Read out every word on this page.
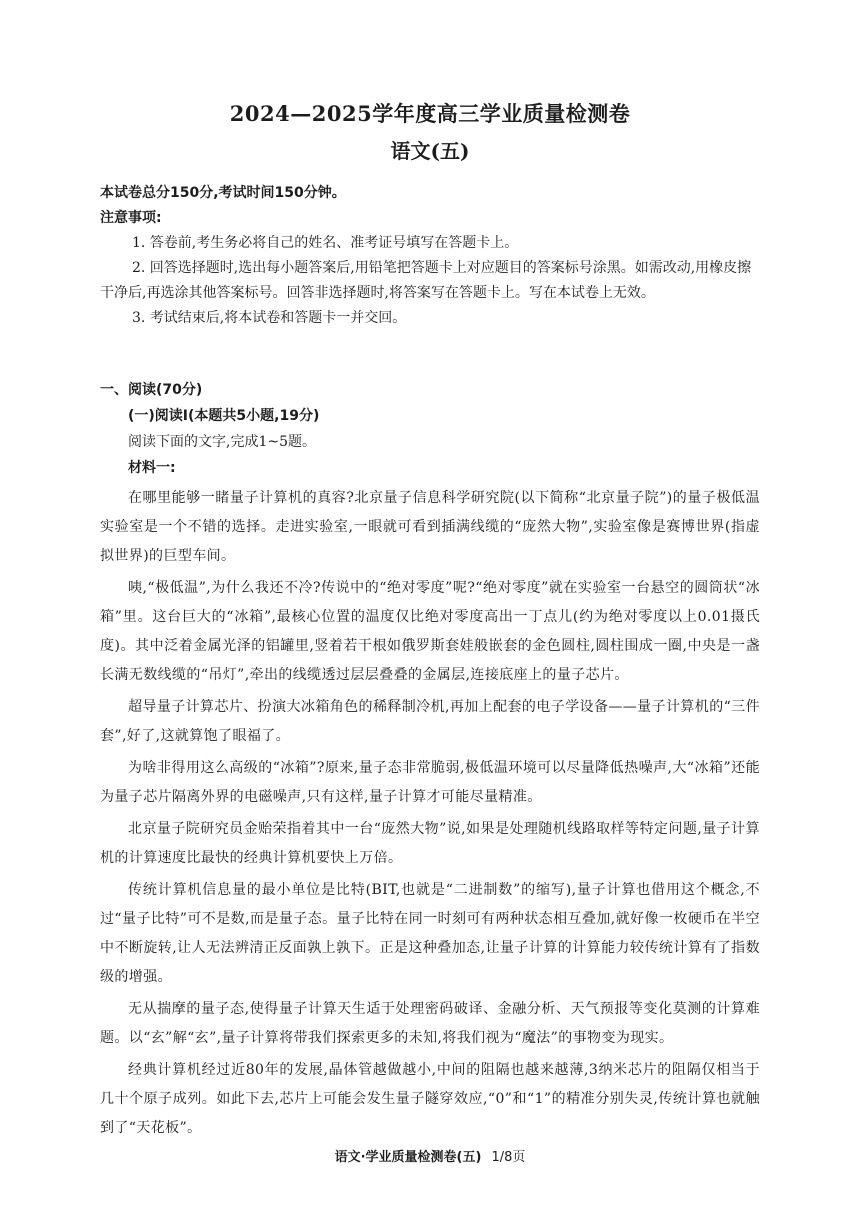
2024—2025学年度高三学业质量检测卷
语文(五)

本试卷总分150分,考试时间150分钟。

注意事项:

1. 答卷前,考生务必将自己的姓名、准考证号填写在答题卡上。

2. 回答选择题时,选出每小题答案后,用铅笔把答题卡上对应题目的答案标号涂黑。如需改动,用橡皮擦干净后,再选涂其他答案标号。回答非选择题时,将答案写在答题卡上。写在本试卷上无效。

3. 考试结束后,将本试卷和答题卡一并交回。

一、阅读(70分)

(一)阅读Ⅰ(本题共5小题,19分)

阅读下面的文字,完成1~5题。

材料一:

在哪里能够一睹量子计算机的真容?北京量子信息科学研究院(以下简称“北京量子院”)的量子极低温实验室是一个不错的选择。走进实验室,一眼就可看到插满线缆的“庞然大物”,实验室像是赛博世界(指虚拟世界)的巨型车间。

咦,“极低温”,为什么我还不冷?传说中的“绝对零度”呢?“绝对零度”就在实验室一台悬空的圆筒状“冰箱”里。这台巨大的“冰箱”,最核心位置的温度仅比绝对零度高出一丁点儿(约为绝对零度以上0.01摄氏度)。其中泛着金属光泽的铝罐里,竖着若干根如俄罗斯套娃般嵌套的金色圆柱,圆柱围成一圈,中央是一盏长满无数线缆的“吊灯”,牵出的线缆透过层层叠叠的金属层,连接底座上的量子芯片。

超导量子计算芯片、扮演大冰箱角色的稀释制冷机,再加上配套的电子学设备——量子计算机的“三件套”,好了,这就算饱了眼福了。

为啥非得用这么高级的“冰箱”?原来,量子态非常脆弱,极低温环境可以尽量降低热噪声,大“冰箱”还能为量子芯片隔离外界的电磁噪声,只有这样,量子计算才可能尽量精准。

北京量子院研究员金贻荣指着其中一台“庞然大物”说,如果是处理随机线路取样等特定问题,量子计算机的计算速度比最快的经典计算机要快上万倍。

传统计算机信息量的最小单位是比特(BIT,也就是“二进制数”的缩写),量子计算也借用这个概念,不过“量子比特”可不是数,而是量子态。量子比特在同一时刻可有两种状态相互叠加,就好像一枚硬币在半空中不断旋转,让人无法辨清正反面孰上孰下。正是这种叠加态,让量子计算的计算能力较传统计算有了指数级的增强。

无从揣摩的量子态,使得量子计算天生适于处理密码破译、金融分析、天气预报等变化莫测的计算难题。以“玄”解“玄”,量子计算将带我们探索更多的未知,将我们视为“魔法”的事物变为现实。

经典计算机经过近80年的发展,晶体管越做越小,中间的阻隔也越来越薄,3纳米芯片的阻隔仅相当于几十个原子成列。如此下去,芯片上可能会发生量子隧穿效应,“0”和“1”的精准分别失灵,传统计算也就触到了“天花板”。

语文·学业质量检测卷(五) 1/8页
